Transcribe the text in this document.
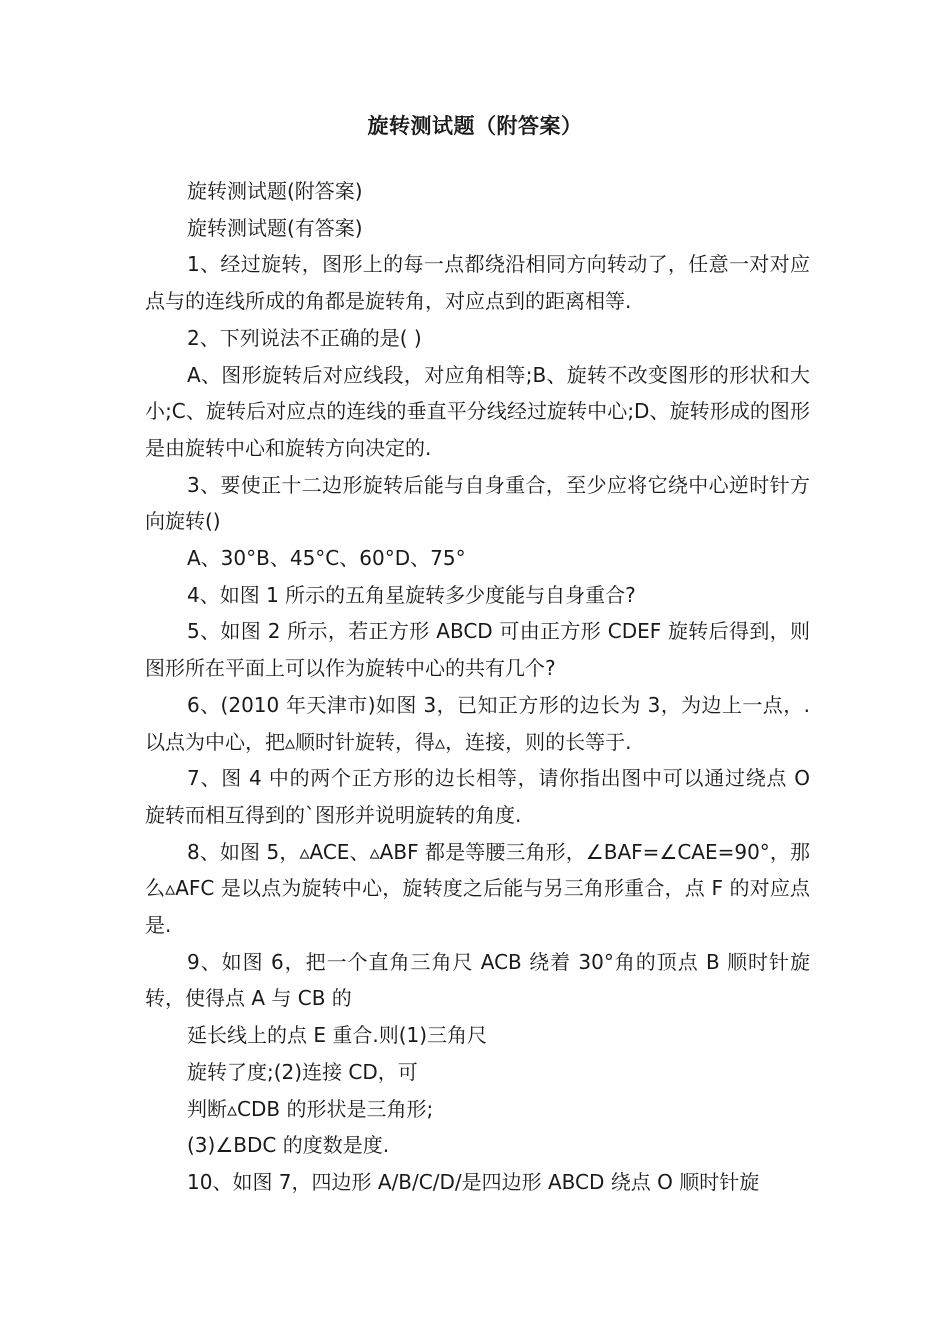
旋转测试题（附答案）

旋转测试题(附答案)

旋转测试题(有答案)

1、经过旋转，图形上的每一点都绕沿相同方向转动了，任意一对对应点与的连线所成的角都是旋转角，对应点到的距离相等.

2、下列说法不正确的是( )

A、图形旋转后对应线段，对应角相等;B、旋转不改变图形的形状和大小;C、旋转后对应点的连线的垂直平分线经过旋转中心;D、旋转形成的图形是由旋转中心和旋转方向决定的.

3、要使正十二边形旋转后能与自身重合，至少应将它绕中心逆时针方向旋转()

A、30°B、45°C、60°D、75°

4、如图 1 所示的五角星旋转多少度能与自身重合?

5、如图 2 所示，若正方形 ABCD 可由正方形 CDEF 旋转后得到，则图形所在平面上可以作为旋转中心的共有几个?

6、(2010 年天津市)如图 3，已知正方形的边长为 3，为边上一点，.以点为中心，把▵顺时针旋转，得▵，连接，则的长等于.

7、图 4 中的两个正方形的边长相等，请你指出图中可以通过绕点 O 旋转而相互得到的`图形并说明旋转的角度.

8、如图 5，▵ACE、▵ABF 都是等腰三角形，∠BAF=∠CAE=90°，那么▵AFC 是以点为旋转中心，旋转度之后能与另三角形重合，点 F 的对应点是.

9、如图 6，把一个直角三角尺 ACB 绕着 30°角的顶点 B 顺时针旋转，使得点 A 与 CB 的

延长线上的点 E 重合.则(1)三角尺

旋转了度;(2)连接 CD，可

判断▵CDB 的形状是三角形;

(3)∠BDC 的度数是度.

10、如图 7，四边形 A/B/C/D/是四边形 ABCD 绕点 O 顺时针旋
